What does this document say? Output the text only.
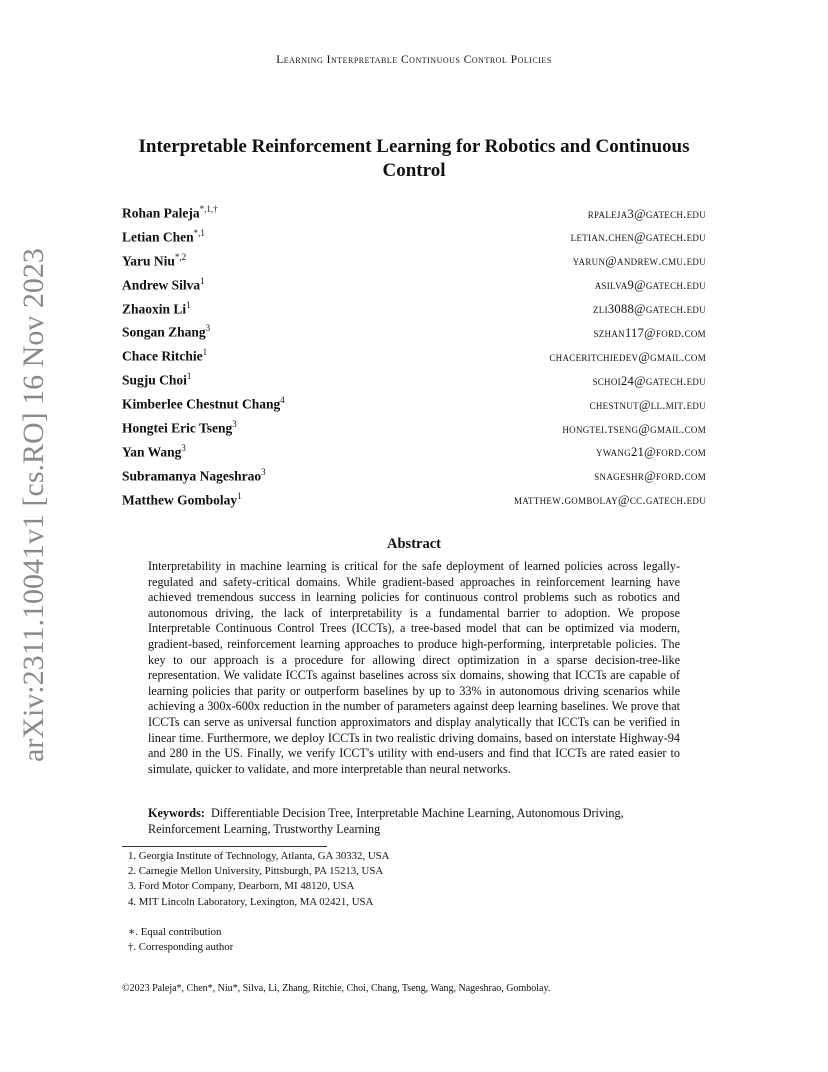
Learning Interpretable Continuous Control Policies
arXiv:2311.10041v1 [cs.RO] 16 Nov 2023
Interpretable Reinforcement Learning for Robotics and Continuous
Control
Rohan Paleja$^{*,1,\dagger}$	rpaleja3@gatech.edu
Letian Chen$^{*,1}$	letian.chen@gatech.edu
Yaru Niu$^{*,2}$	yarun@andrew.cmu.edu
Andrew Silva$^1$	asilva9@gatech.edu
Zhaoxin Li$^1$	zli3088@gatech.edu
Songan Zhang$^3$	szhan117@ford.com
Chace Ritchie$^1$	chaceritchiedev@gmail.com
Sugju Choi$^1$	schoi24@gatech.edu
Kimberlee Chestnut Chang$^4$	chestnut@ll.mit.edu
Hongtei Eric Tseng$^3$	hongtei.tseng@gmail.com
Yan Wang$^3$	ywang21@ford.com
Subramanya Nageshrao$^3$	snageshr@ford.com
Matthew Gombolay$^1$	matthew.gombolay@cc.gatech.edu
Abstract
Interpretability in machine learning is critical for the safe deployment of learned policies across legally-regulated and safety-critical domains. While gradient-based approaches in reinforcement learning have achieved tremendous success in learning policies for continuous control problems such as robotics and autonomous driving, the lack of interpretability is a fundamental barrier to adoption. We propose Interpretable Continuous Control Trees (ICCTs), a tree-based model that can be optimized via modern, gradient-based, reinforcement learning approaches to produce high-performing, interpretable policies. The key to our approach is a procedure for allowing direct optimization in a sparse decision-tree-like representation. We validate ICCTs against baselines across six domains, showing that ICCTs are capable of learning policies that parity or outperform baselines by up to 33% in autonomous driving scenarios while achieving a 300x-600x reduction in the number of parameters against deep learning baselines. We prove that ICCTs can serve as universal function approximators and display analytically that ICCTs can be verified in linear time. Furthermore, we deploy ICCTs in two realistic driving domains, based on interstate Highway-94 and 280 in the US. Finally, we verify ICCT's utility with end-users and find that ICCTs are rated easier to simulate, quicker to validate, and more interpretable than neural networks.
Keywords: Differentiable Decision Tree, Interpretable Machine Learning, Autonomous Driving, Reinforcement Learning, Trustworthy Learning
1. Georgia Institute of Technology, Atlanta, GA 30332, USA
2. Carnegie Mellon University, Pittsburgh, PA 15213, USA
3. Ford Motor Company, Dearborn, MI 48120, USA
4. MIT Lincoln Laboratory, Lexington, MA 02421, USA
∗. Equal contribution
†. Corresponding author
©2023 Paleja*, Chen*, Niu*, Silva, Li, Zhang, Ritchie, Choi, Chang, Tseng, Wang, Nageshrao, Gombolay.
